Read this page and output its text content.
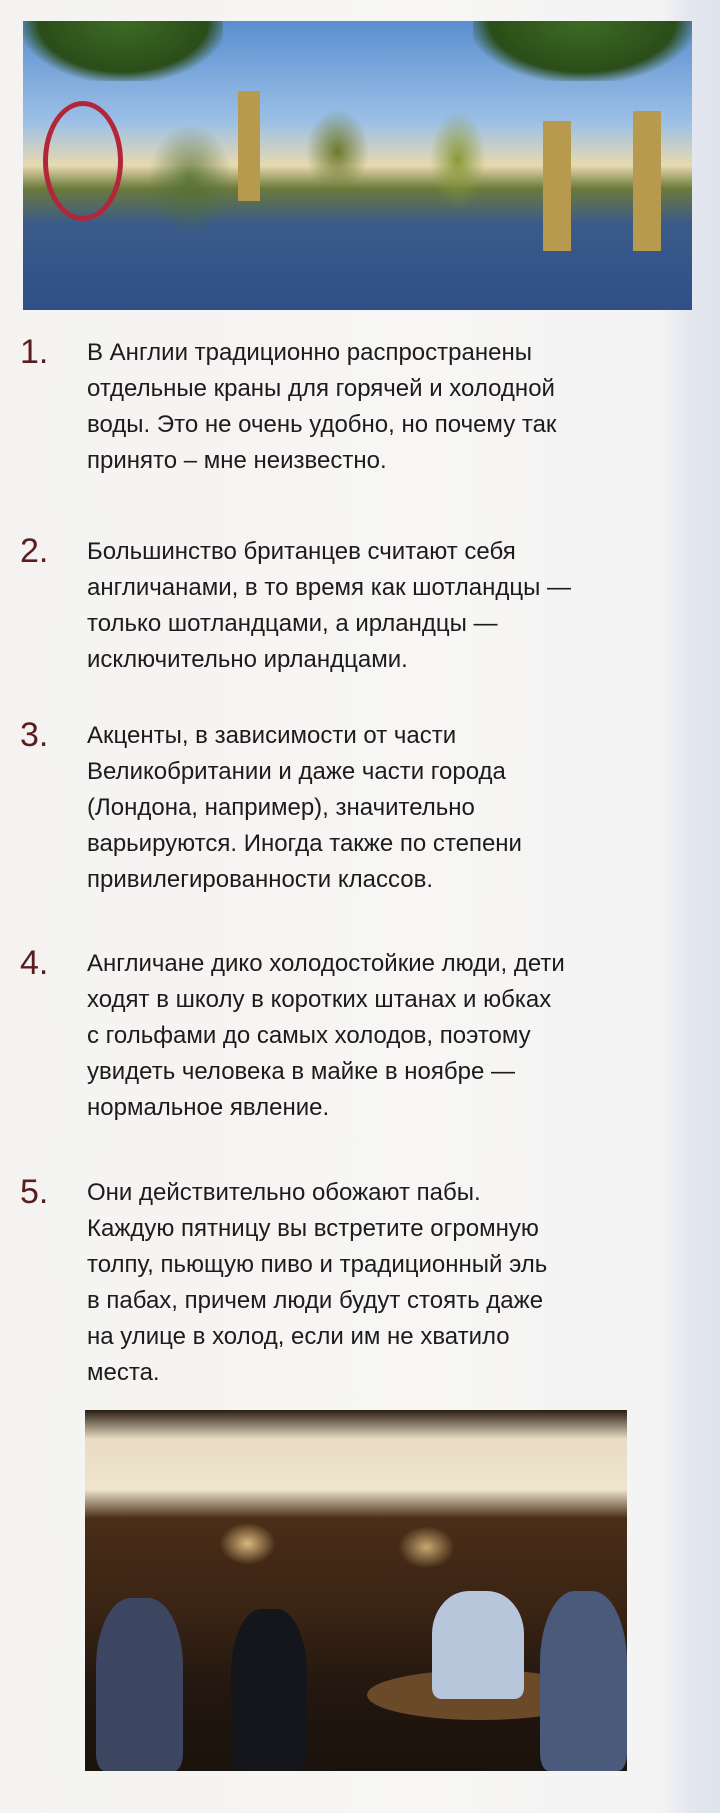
1. В Англии традиционно распространены
отдельные краны для горячей и холодной
воды. Это не очень удобно, но почему так
принято – мне неизвестно.
2. Большинство британцев считают себя
англичанами, в то время как шотландцы —
только шотландцами, а ирландцы —
исключительно ирландцами.
3. Акценты, в зависимости от части
Великобритании и даже части города
(Лондона, например), значительно
варьируются. Иногда также по степени
привилегированности классов.
4. Англичане дико холодостойкие люди, дети
ходят в школу в коротких штанах и юбках
с гольфами до самых холодов, поэтому
увидеть человека в майке в ноябре —
нормальное явление.
5. Они действительно обожают пабы.
Каждую пятницу вы встретите огромную
толпу, пьющую пиво и традиционный эль
в пабах, причем люди будут стоять даже
на улице в холод, если им не хватило
места.
